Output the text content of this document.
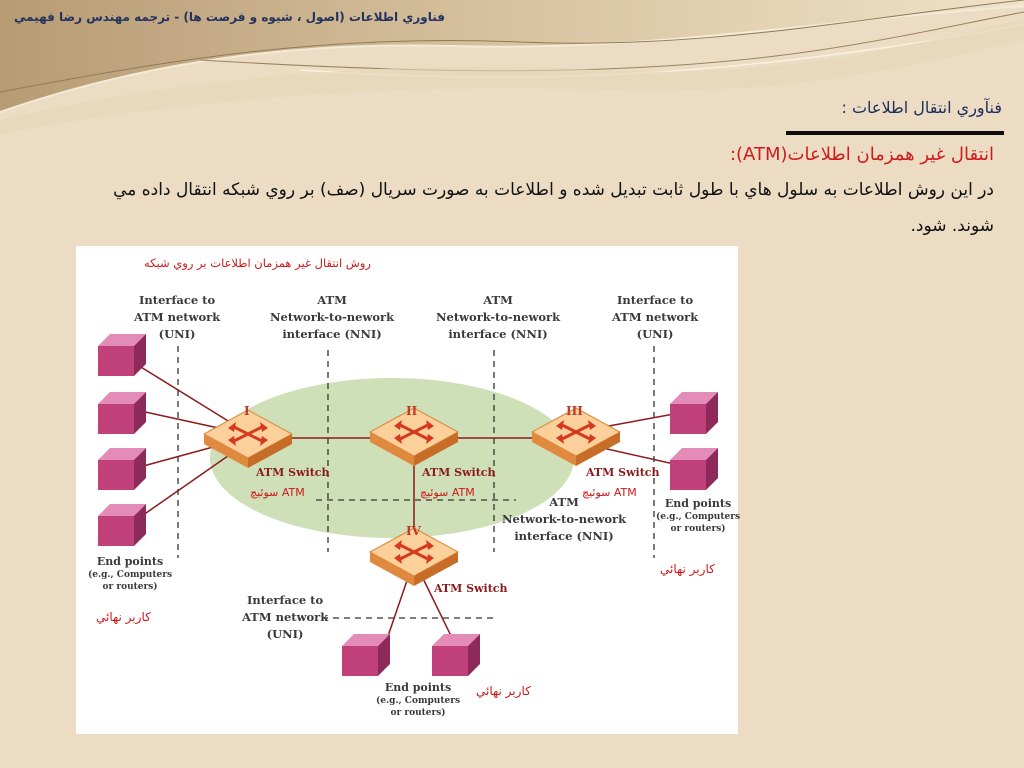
فناوري اطلاعات (اصول ، شيوه و فرصت ها) - ترجمه مهندس رضا فهيمي
فنآوري انتقال اطلاعات :
انتقال غير همزمان اطلاعات(ATM):
در اين روش اطلاعات به سلول هاي با طول ثابت تبديل شده و اطلاعات به صورت سريال (صف) بر روي شبكه انتقال داده مي شوند. شود.
روش انتقال غير همزمان اطلاعات بر روي شبكه
Interface to
ATM network
(UNI)
ATM
Network-to-nework
interface (NNI)
ATM
Network-to-nework
interface (NNI)
Interface to
ATM network
(UNI)
ATM
Network-to-nework
interface (NNI)
Interface to
ATM network
(UNI)
I	II	III
IV
ATM Switch	ATM Switch	ATM Switch
ATM Switch
سوئيچ ATM	سوئيچ ATM	سوئيچ ATM
End points
(e.g., Computers
or routers)
End points
(e.g., Computers
or routers)
End points
(e.g., Computers
or routers)
كاربر نهائي
كاربر نهائي
كاربر نهائي
